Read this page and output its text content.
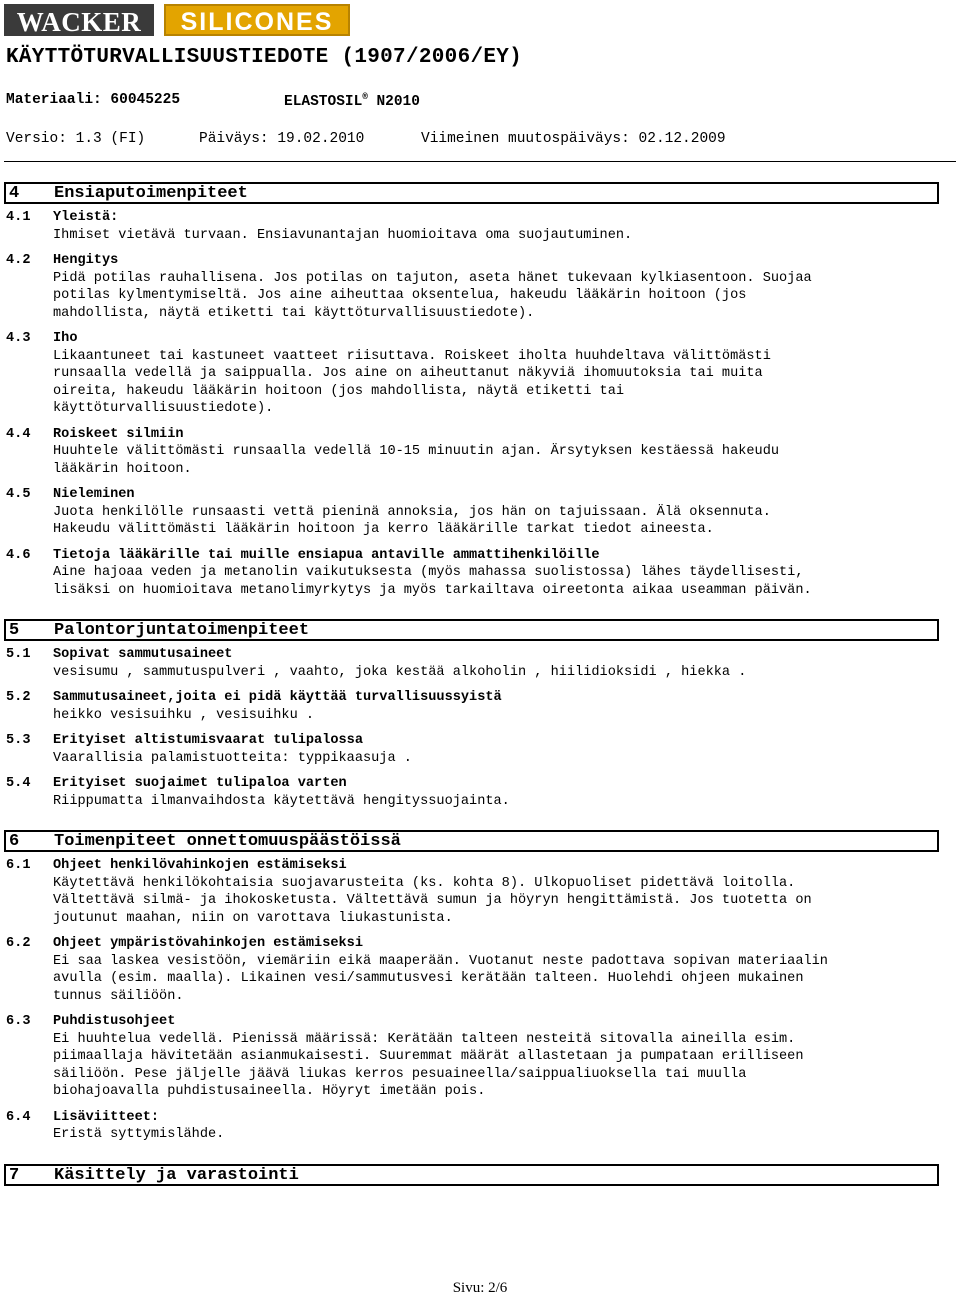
WACKER	SILICONES
KÄYTTÖTURVALLISUUSTIEDOTE (1907/2006/EY)
Materiaali: 60045225	ELASTOSIL® N2010
Versio: 1.3 (FI)	Päiväys: 19.02.2010	Viimeinen muutospäiväys: 02.12.2009
4 Ensiaputoimenpiteet
4.1 Yleistä:
Ihmiset vietävä turvaan. Ensiavunantajan huomioitava oma suojautuminen.
4.2 Hengitys
Pidä potilas rauhallisena. Jos potilas on tajuton, aseta hänet tukevaan kylkiasentoon. Suojaa
potilas kylmentymiseltä. Jos aine aiheuttaa oksentelua, hakeudu lääkärin hoitoon (jos
mahdollista, näytä etiketti tai käyttöturvallisuustiedote).
4.3 Iho
Likaantuneet tai kastuneet vaatteet riisuttava. Roiskeet iholta huuhdeltava välittömästi
runsaalla vedellä ja saippualla. Jos aine on aiheuttanut näkyviä ihomuutoksia tai muita
oireita, hakeudu lääkärin hoitoon (jos mahdollista, näytä etiketti tai
käyttöturvallisuustiedote).
4.4 Roiskeet silmiin
Huuhtele välittömästi runsaalla vedellä 10-15 minuutin ajan. Ärsytyksen kestäessä hakeudu
lääkärin hoitoon.
4.5 Nieleminen
Juota henkilölle runsaasti vettä pieninä annoksia, jos hän on tajuissaan. Älä oksennuta.
Hakeudu välittömästi lääkärin hoitoon ja kerro lääkärille tarkat tiedot aineesta.
4.6 Tietoja lääkärille tai muille ensiapua antaville ammattihenkilöille
Aine hajoaa veden ja metanolin vaikutuksesta (myös mahassa suolistossa) lähes täydellisesti,
lisäksi on huomioitava metanolimyrkytys ja myös tarkailtava oireetonta aikaa useamman päivän.
5 Palontorjuntatoimenpiteet
5.1 Sopivat sammutusaineet
vesisumu , sammutuspulveri , vaahto, joka kestää alkoholin , hiilidioksidi , hiekka .
5.2 Sammutusaineet,joita ei pidä käyttää turvallisuussyistä
heikko vesisuihku , vesisuihku .
5.3 Erityiset altistumisvaarat tulipalossa
Vaarallisia palamistuotteita: typpikaasuja .
5.4 Erityiset suojaimet tulipaloa varten
Riippumatta ilmanvaihdosta käytettävä hengityssuojainta.
6 Toimenpiteet onnettomuuspäästöissä
6.1 Ohjeet henkilövahinkojen estämiseksi
Käytettävä henkilökohtaisia suojavarusteita (ks. kohta 8). Ulkopuoliset pidettävä loitolla.
Vältettävä silmä- ja ihokosketusta. Vältettävä sumun ja höyryn hengittämistä. Jos tuotetta on
joutunut maahan, niin on varottava liukastunista.
6.2 Ohjeet ympäristövahinkojen estämiseksi
Ei saa laskea vesistöön, viemäriin eikä maaperään. Vuotanut neste padottava sopivan materiaalin
avulla (esim. maalla). Likainen vesi/sammutusvesi kerätään talteen. Huolehdi ohjeen mukainen
tunnus säiliöön.
6.3 Puhdistusohjeet
Ei huuhtelua vedellä. Pienissä määrissä: Kerätään talteen nesteitä sitovalla aineilla esim.
piimaallaja hävitetään asianmukaisesti. Suuremmat määrät allastetaan ja pumpataan erilliseen
säiliöön. Pese jäljelle jäävä liukas kerros pesuaineella/saippualiuoksella tai muulla
biohajoavalla puhdistusaineella. Höyryt imetään pois.
6.4 Lisäviitteet:
Eristä syttymislähde.
7 Käsittely ja varastointi
Sivu: 2/6
